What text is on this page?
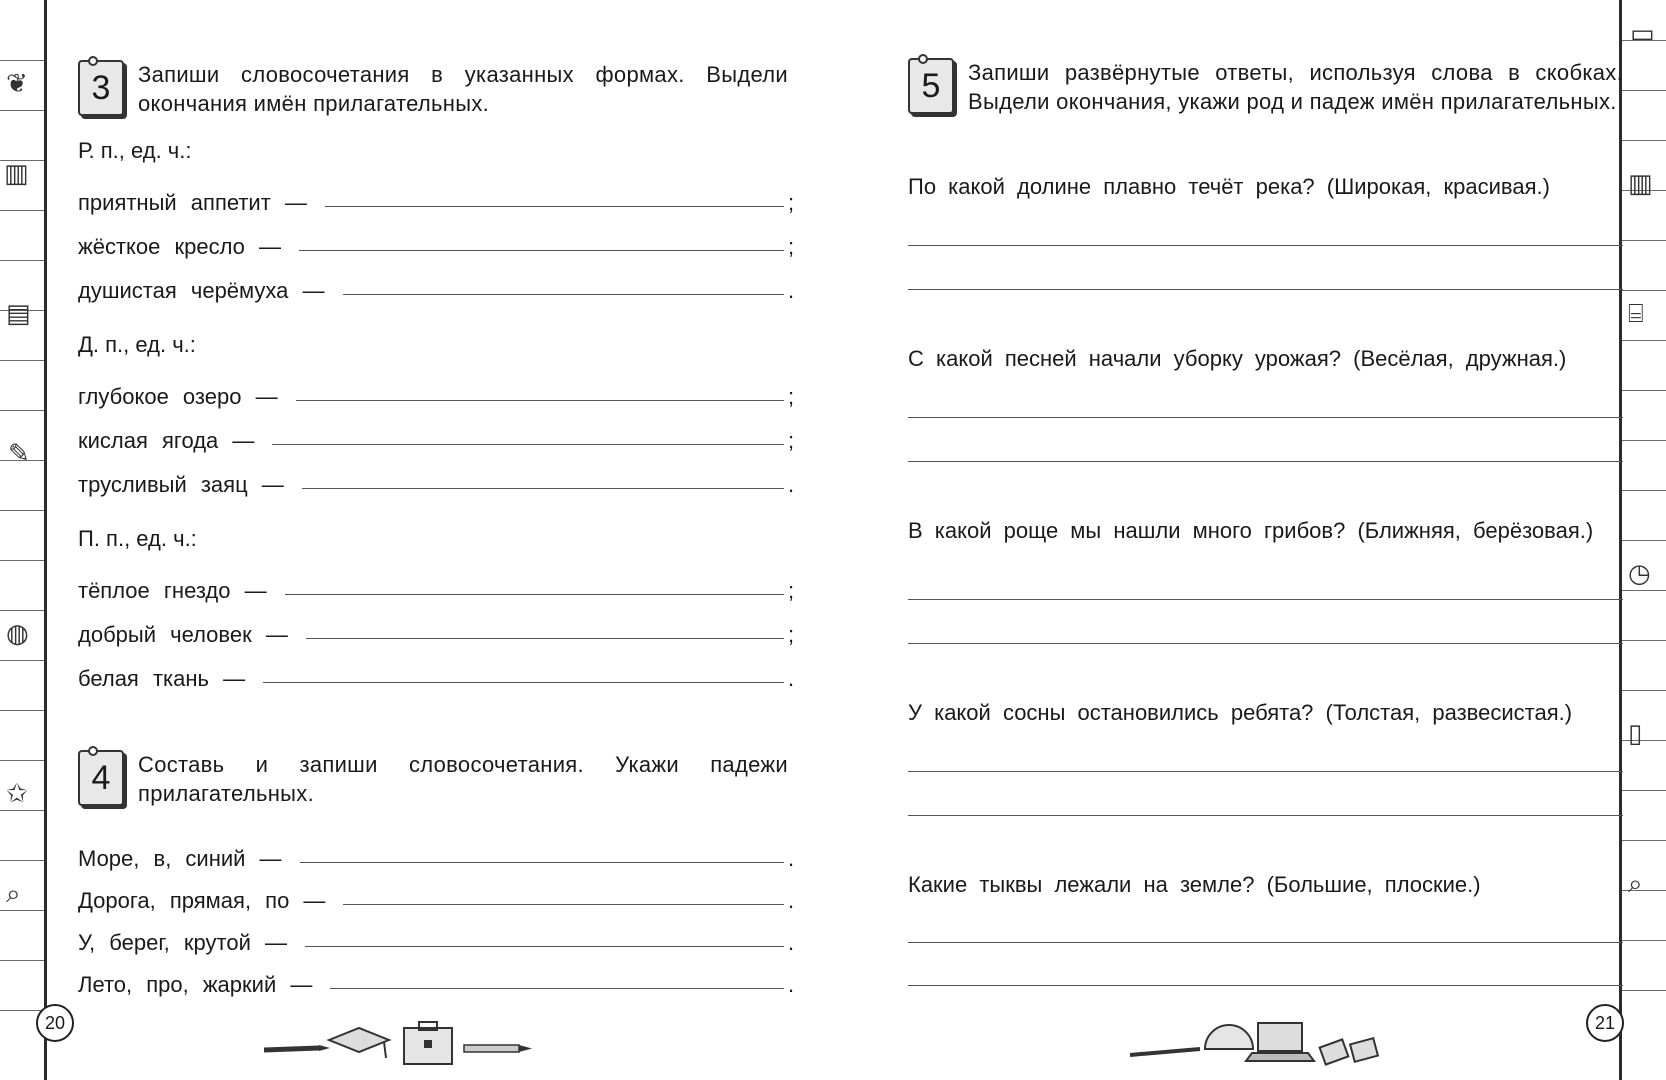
❦
▥
▤
✎
◍
✩
⌕
▭
▥
⌸
◷
▯
⌕
3	Запиши словосочетания в указанных формах. Выдели окончания имён прилагательных.
Р. п., ед. ч.:
приятный аппетит —	;
жёсткое кресло —	;
душистая черёмуха —	.
Д. п., ед. ч.:
глубокое озеро —	;
кислая ягода —	;
трусливый заяц —	.
П. п., ед. ч.:
тёплое гнездо —	;
добрый человек —	;
белая ткань —	.
4	Составь и запиши словосочетания. Укажи падежи прилагательных.
Море, в, синий —	.
Дорога, прямая, по —	.
У, берег, крутой —	.
Лето, про, жаркий —	.
20
5	Запиши развёрнутые ответы, используя слова в скобках. Выдели окончания, укажи род и падеж имён прилагательных.
По какой долине плавно течёт река? (Широкая, красивая.)
С какой песней начали уборку урожая? (Весёлая, дружная.)
В какой роще мы нашли много грибов? (Ближняя, берёзовая.)
У какой сосны остановились ребята? (Толстая, развесистая.)
Какие тыквы лежали на земле? (Большие, плоские.)
21
